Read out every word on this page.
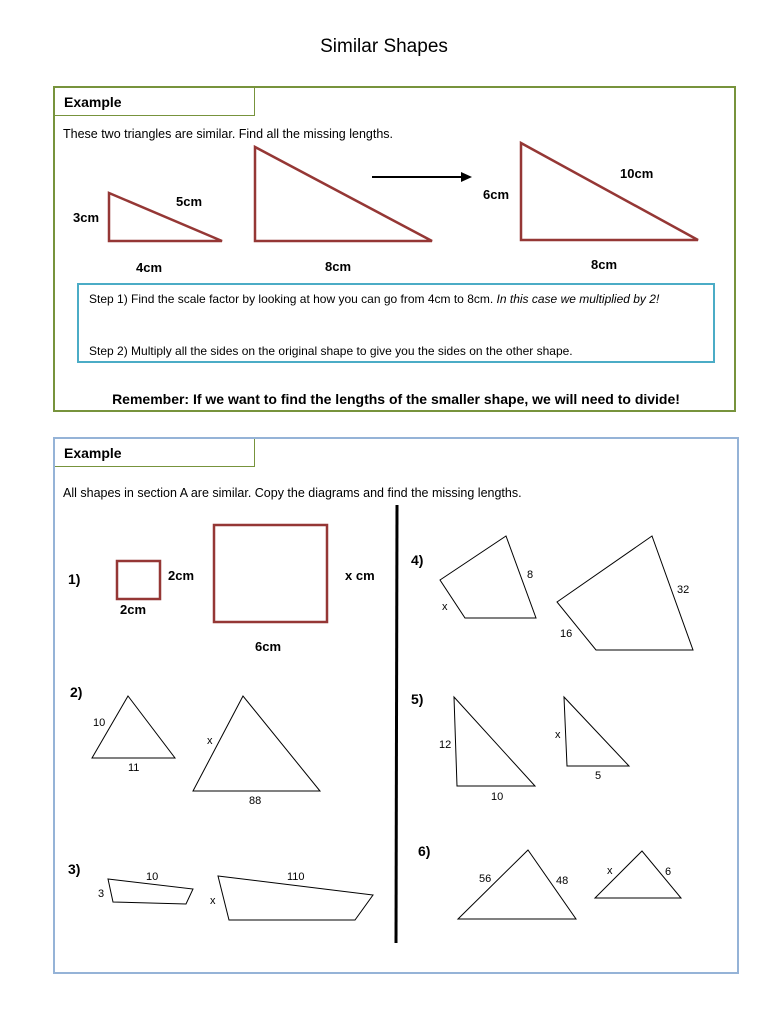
Similar Shapes
Example
These two triangles are similar. Find all the missing lengths.
3cm
5cm
4cm	8cm
6cm
10cm
8cm
Step 1) Find the scale factor by looking at how you can go from 4cm to 8cm. In this case we multiplied by 2!
Step 2) Multiply all the sides on the original shape to give you the sides on the other shape.
Remember: If we want to find the lengths of the smaller shape, we will need to divide!
Example
All shapes in section A are similar. Copy the diagrams and find the missing lengths.
1)	2cm
2cm
x cm
6cm
2)
10
11
x
88
3)	10
3
110
x
4)
8
x
32
16
5)
12
10
x
5
6)
56	48
x	6
